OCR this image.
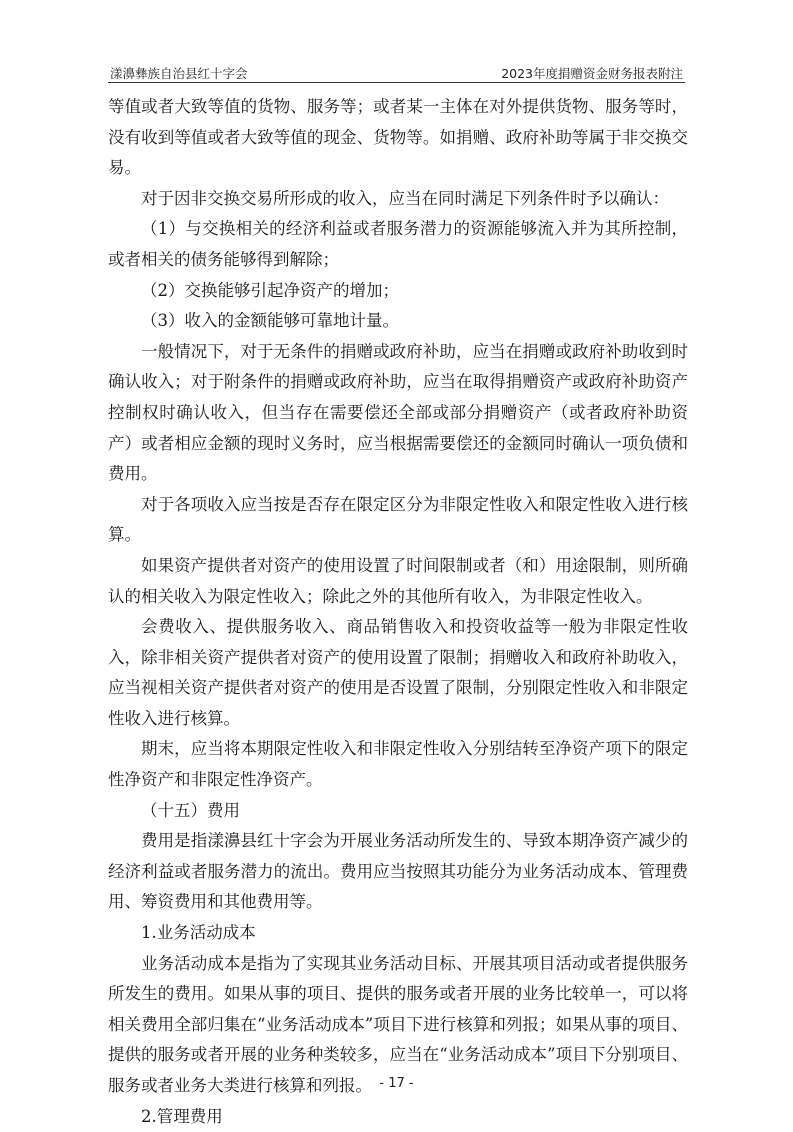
漾濞彝族自治县红十字会	2023年度捐赠资金财务报表附注

等值或者大致等值的货物、服务等；或者某一主体在对外提供货物、服务等时，没有收到等值或者大致等值的现金、货物等。如捐赠、政府补助等属于非交换交易。

对于因非交换交易所形成的收入，应当在同时满足下列条件时予以确认：

（1）与交换相关的经济利益或者服务潜力的资源能够流入并为其所控制，或者相关的债务能够得到解除；

（2）交换能够引起净资产的增加；

（3）收入的金额能够可靠地计量。

一般情况下，对于无条件的捐赠或政府补助，应当在捐赠或政府补助收到时确认收入；对于附条件的捐赠或政府补助，应当在取得捐赠资产或政府补助资产控制权时确认收入，但当存在需要偿还全部或部分捐赠资产（或者政府补助资产）或者相应金额的现时义务时，应当根据需要偿还的金额同时确认一项负债和费用。

对于各项收入应当按是否存在限定区分为非限定性收入和限定性收入进行核算。

如果资产提供者对资产的使用设置了时间限制或者（和）用途限制，则所确认的相关收入为限定性收入；除此之外的其他所有收入，为非限定性收入。

会费收入、提供服务收入、商品销售收入和投资收益等一般为非限定性收入，除非相关资产提供者对资产的使用设置了限制；捐赠收入和政府补助收入，应当视相关资产提供者对资产的使用是否设置了限制，分别限定性收入和非限定性收入进行核算。

期末，应当将本期限定性收入和非限定性收入分别结转至净资产项下的限定性净资产和非限定性净资产。

（十五）费用

费用是指漾濞县红十字会为开展业务活动所发生的、导致本期净资产减少的经济利益或者服务潜力的流出。费用应当按照其功能分为业务活动成本、管理费用、筹资费用和其他费用等。

1.业务活动成本

业务活动成本是指为了实现其业务活动目标、开展其项目活动或者提供服务所发生的费用。如果从事的项目、提供的服务或者开展的业务比较单一，可以将相关费用全部归集在“业务活动成本”项目下进行核算和列报；如果从事的项目、提供的服务或者开展的业务种类较多，应当在“业务活动成本”项目下分别项目、服务或者业务大类进行核算和列报。

2.管理费用

- 17 -
